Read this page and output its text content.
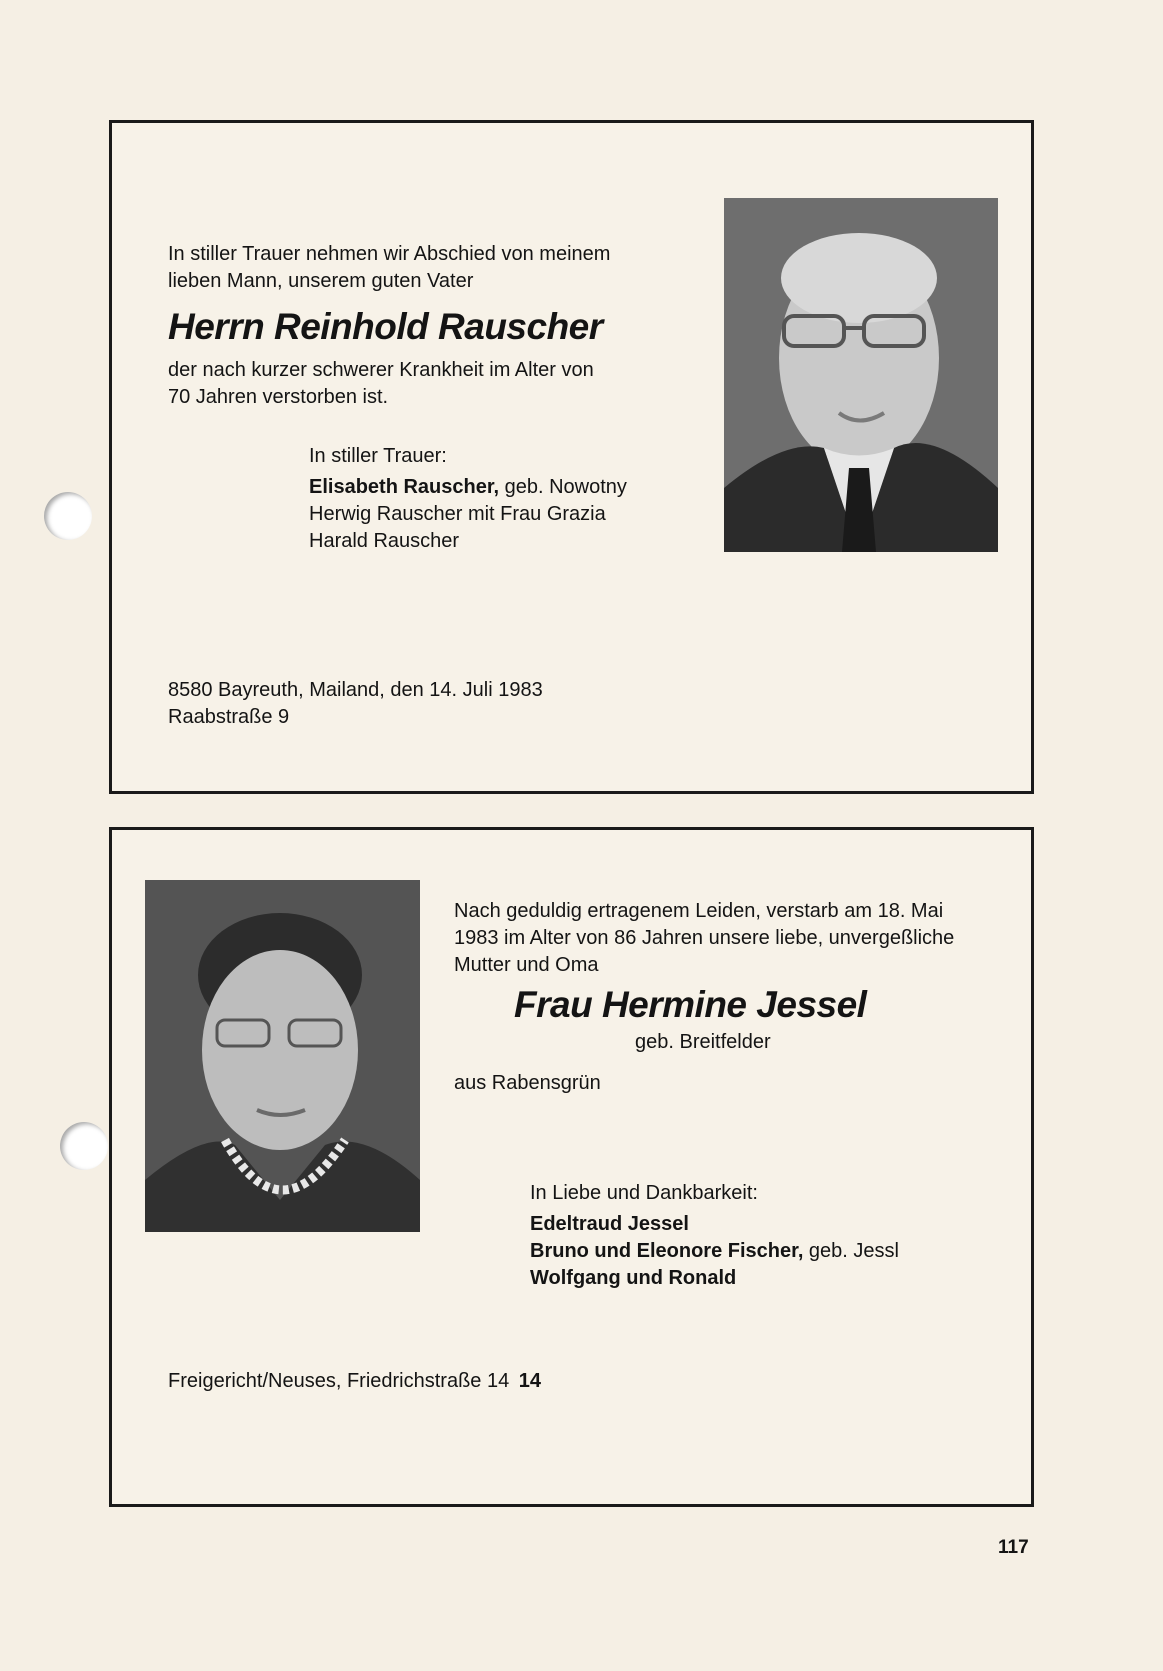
In stiller Trauer nehmen wir Abschied von meinem
lieben Mann, unserem guten Vater
Herrn Reinhold Rauscher
der nach kurzer schwerer Krankheit im Alter von
70 Jahren verstorben ist.
In stiller Trauer:
Elisabeth Rauscher, geb. Nowotny
Herwig Rauscher mit Frau Grazia
Harald Rauscher
8580 Bayreuth, Mailand, den 14. Juli 1983
Raabstraße 9
Nach geduldig ertragenem Leiden, verstarb am 18. Mai
1983 im Alter von 86 Jahren unsere liebe, unvergeßliche
Mutter und Oma
Frau Hermine Jessel
geb. Breitfelder
aus Rabensgrün
In Liebe und Dankbarkeit:
Edeltraud Jessel
Bruno und Eleonore Fischer, geb. Jessl
Wolfgang und Ronald
Freigericht/Neuses, Friedrichstraße 14 14
117
